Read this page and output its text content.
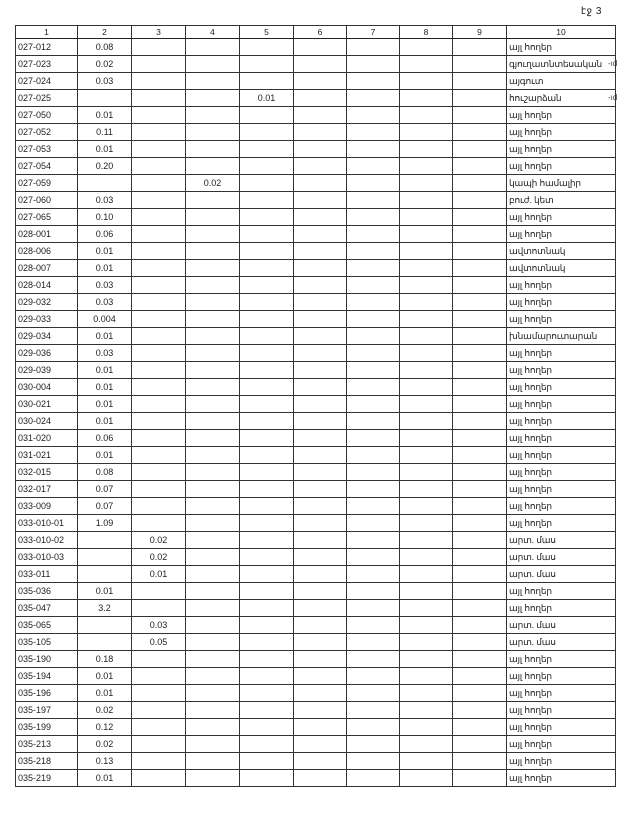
էջ 3
-ıd
-ıd
1	2	3	4	5	6	7	8	9	10
027-012	0.08								այլ հողեր
027-023	0.02								գյուղատնտեսական
027-024	0.03								այգուտ
027-025				0.01					հուշարձան
027-050	0.01								այլ հողեր
027-052	0.11								այլ հողեր
027-053	0.01								այլ հողեր
027-054	0.20								այլ հողեր
027-059			0.02						կապի համալիր
027-060	0.03								բուժ. կետ
027-065	0.10								այլ հողեր
028-001	0.06								այլ հողեր
028-006	0.01								ավտոտնակ
028-007	0.01								ավտոտնակ
028-014	0.03								այլ հողեր
029-032	0.03								այլ հողեր
029-033	0.004								այլ հողեր
029-034	0.01								խնամարուտարան
029-036	0.03								այլ հողեր
029-039	0.01								այլ հողեր
030-004	0.01								այլ հողեր
030-021	0.01								այլ հողեր
030-024	0.01								այլ հողեր
031-020	0.06								այլ հողեր
031-021	0.01								այլ հողեր
032-015	0.08								այլ հողեր
032-017	0.07								այլ հողեր
033-009	0.07								այլ հողեր
033-010-01	1.09								այլ հողեր
033-010-02		0.02							արտ. մաս
033-010-03		0.02							արտ. մաս
033-011		0.01							արտ. մաս
035-036	0.01								այլ հողեր
035-047	3.2								այլ հողեր
035-065		0.03							արտ. մաս
035-105		0.05							արտ. մաս
035-190	0.18								այլ հողեր
035-194	0.01								այլ հողեր
035-196	0.01								այլ հողեր
035-197	0.02								այլ հողեր
035-199	0.12								այլ հողեր
035-213	0.02								այլ հողեր
035-218	0.13								այլ հողեր
035-219	0.01								այլ հողեր
